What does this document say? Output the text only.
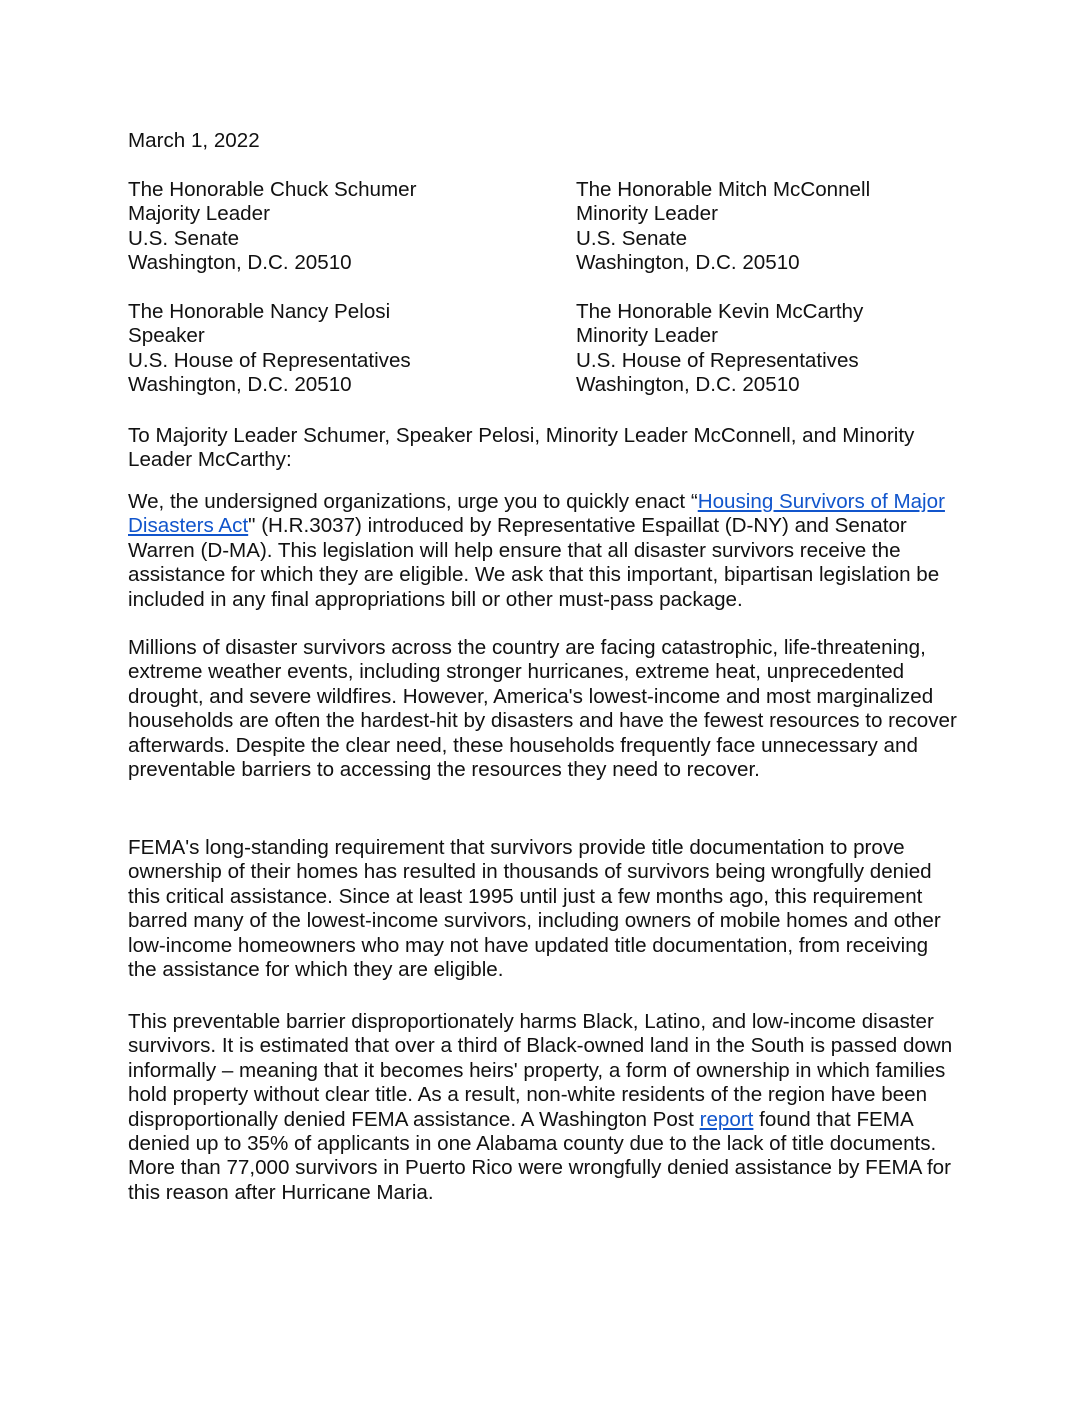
March 1, 2022
The Honorable Chuck Schumer
Majority Leader
U.S. Senate
Washington, D.C. 20510
The Honorable Mitch McConnell
Minority Leader
U.S. Senate
Washington, D.C. 20510
The Honorable Nancy Pelosi
Speaker
U.S. House of Representatives
Washington, D.C. 20510
The Honorable Kevin McCarthy
Minority Leader
U.S. House of Representatives
Washington, D.C. 20510
To Majority Leader Schumer, Speaker Pelosi, Minority Leader McConnell, and Minority Leader McCarthy:

We, the undersigned organizations, urge you to quickly enact “Housing Survivors of Major Disasters Act" (H.R.3037) introduced by Representative Espaillat (D-NY) and Senator Warren (D-MA). This legislation will help ensure that all disaster survivors receive the assistance for which they are eligible. We ask that this important, bipartisan legislation be included in any final appropriations bill or other must-pass package.

Millions of disaster survivors across the country are facing catastrophic, life-threatening, extreme weather events, including stronger hurricanes, extreme heat, unprecedented drought, and severe wildfires. However, America's lowest-income and most marginalized households are often the hardest-hit by disasters and have the fewest resources to recover afterwards. Despite the clear need, these households frequently face unnecessary and preventable barriers to accessing the resources they need to recover.

FEMA's long-standing requirement that survivors provide title documentation to prove ownership of their homes has resulted in thousands of survivors being wrongfully denied this critical assistance. Since at least 1995 until just a few months ago, this requirement barred many of the lowest-income survivors, including owners of mobile homes and other low-income homeowners who may not have updated title documentation, from receiving the assistance for which they are eligible.

This preventable barrier disproportionately harms Black, Latino, and low-income disaster survivors. It is estimated that over a third of Black-owned land in the South is passed down informally – meaning that it becomes heirs' property, a form of ownership in which families hold property without clear title. As a result, non-white residents of the region have been disproportionally denied FEMA assistance. A Washington Post report found that FEMA denied up to 35% of applicants in one Alabama county due to the lack of title documents. More than 77,000 survivors in Puerto Rico were wrongfully denied assistance by FEMA for this reason after Hurricane Maria.
